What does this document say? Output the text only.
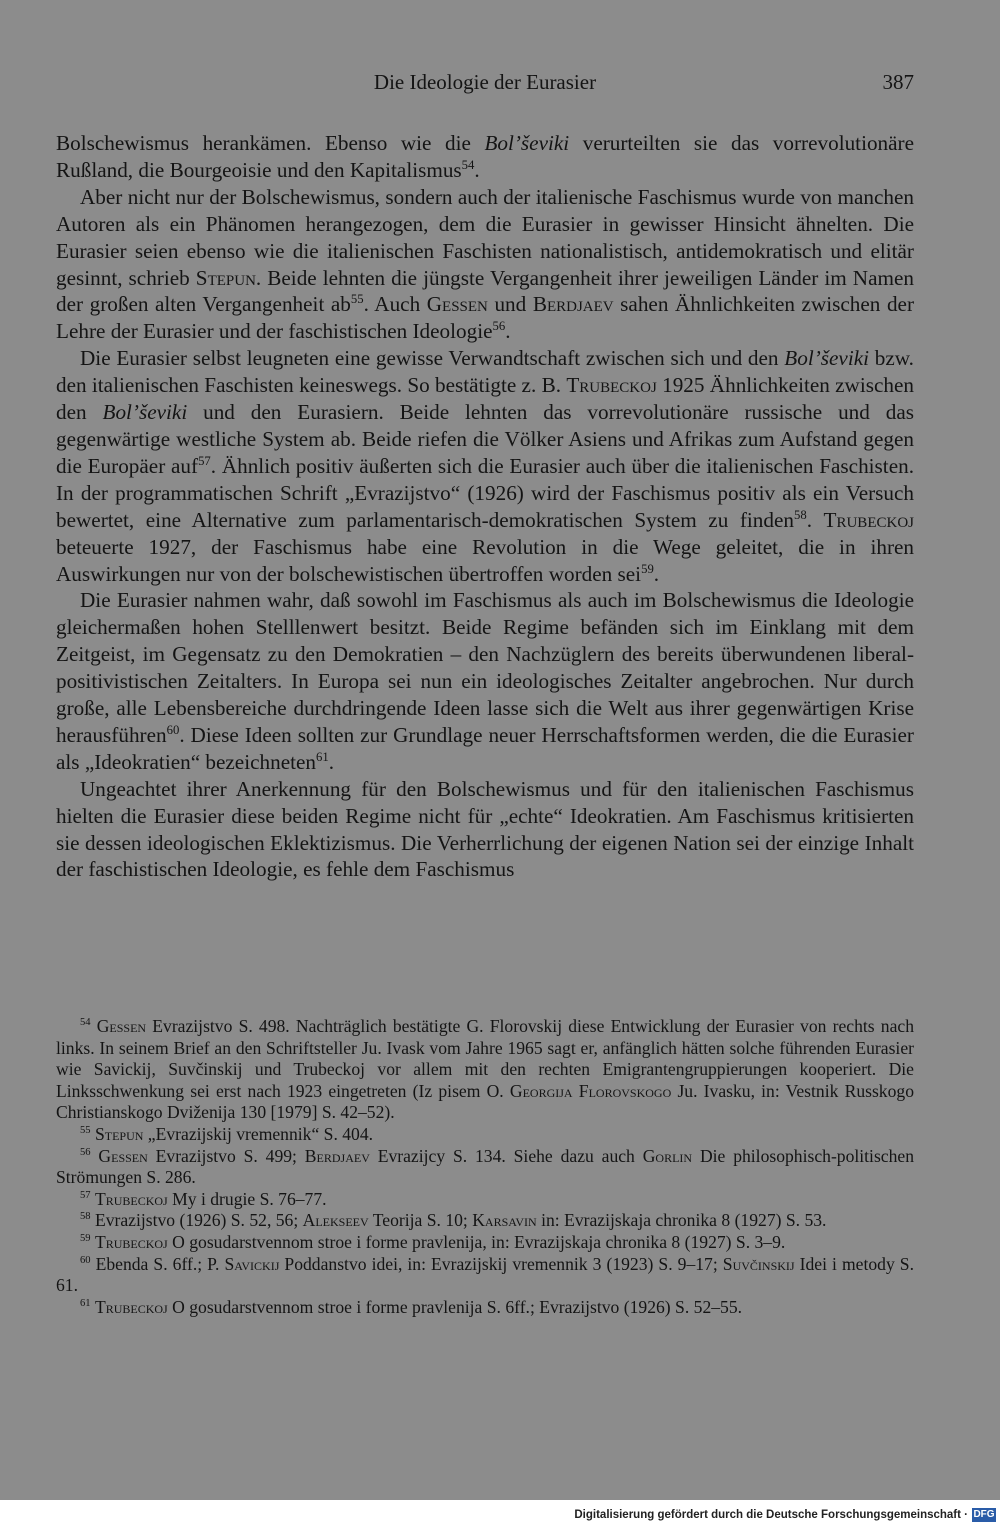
Die Ideologie der Eurasier	387

Bolschewismus herankämen. Ebenso wie die Bol’ševiki verurteilten sie das vorrevolutionäre Rußland, die Bourgeoisie und den Kapitalismus$^{54}$.

Aber nicht nur der Bolschewismus, sondern auch der italienische Faschismus wurde von manchen Autoren als ein Phänomen herangezogen, dem die Eurasier in gewisser Hinsicht ähnelten. Die Eurasier seien ebenso wie die italienischen Faschisten nationalistisch, antidemokratisch und elitär gesinnt, schrieb Stepun. Beide lehnten die jüngste Vergangenheit ihrer jeweiligen Länder im Namen der großen alten Vergangenheit $ab^{55}$. Auch Gessen und Berdjaev sahen Ähnlichkeiten zwischen der Lehre der Eurasier und der faschistischen Ideologie$^{56}$.

Die Eurasier selbst leugneten eine gewisse Verwandtschaft zwischen sich und den Bol’ševiki bzw. den italienischen Faschisten keineswegs. So bestätigte z. B. Trubeckoj 1925 Ähnlichkeiten zwischen den Bol’ševiki und den Eurasiern. Beide lehnten das vorrevolutionäre russische und das gegenwärtige westliche System ab. Beide riefen die Völker Asiens und Afrikas zum Aufstand gegen die Europäer auf$^{57}$. Ähnlich positiv äußerten sich die Eurasier auch über die italienischen Faschisten. In der programmatischen Schrift „Evrazijstvo“ (1926) wird der Faschismus positiv als ein Versuch bewertet, eine Alternative zum parlamentarisch-demokratischen System zu finden$^{58}$. Trubeckoj beteuerte 1927, der Faschismus habe eine Revolution in die Wege geleitet, die in ihren Auswirkungen nur von der bolschewistischen übertroffen worden sei$^{59}$.

Die Eurasier nahmen wahr, daß sowohl im Faschismus als auch im Bolschewismus die Ideologie gleichermaßen hohen Stelllenwert besitzt. Beide Regime befänden sich im Einklang mit dem Zeitgeist, im Gegensatz zu den Demokratien – den Nachzüglern des bereits überwundenen liberal-positivistischen Zeitalters. In Europa sei nun ein ideologisches Zeitalter angebrochen. Nur durch große, alle Lebensbereiche durchdringende Ideen lasse sich die Welt aus ihrer gegenwärtigen Krise herausführen$^{60}$. Diese Ideen sollten zur Grundlage neuer Herrschaftsformen werden, die die Eurasier als „Ideokratien“ bezeichneten$^{61}$.

Ungeachtet ihrer Anerkennung für den Bolschewismus und für den italienischen Faschismus hielten die Eurasier diese beiden Regime nicht für „echte“ Ideokratien. Am Faschismus kritisierten sie dessen ideologischen Eklektizismus. Die Verherrlichung der eigenen Nation sei der einzige Inhalt der faschistischen Ideologie, es fehle dem Faschismus

$^{54}$ Gessen Evrazijstvo S. 498. Nachträglich bestätigte G. Florovskij diese Entwicklung der Eurasier von rechts nach links. In seinem Brief an den Schriftsteller Ju. Ivask vom Jahre 1965 sagt er, anfänglich hätten solche führenden Eurasier wie Savickij, Suvčinskij und Trubeckoj vor allem mit den rechten Emigrantengruppierungen kooperiert. Die Linksschwenkung sei erst nach 1923 eingetreten (Iz pisem O. Georgija Florovskogo Ju. Ivasku, in: Vestnik Russkogo Christianskogo Dviženija 130 [1979] S. 42–52).

$^{55}$ Stepun „Evrazijskij vremennik“ S. 404.

$^{56}$ Gessen Evrazijstvo S. 499; Berdjaev Evrazijcy S. 134. Siehe dazu auch Gorlin Die philosophisch-politischen Strömungen S. 286.

$^{57}$ Trubeckoj My i drugie S. 76–77.

$^{58}$ Evrazijstvo (1926) S. 52, 56; Alekseev Teorija S. 10; Karsavin in: Evrazijskaja chronika 8 (1927) S. 53.

$^{59}$ Trubeckoj O gosudarstvennom stroe i forme pravlenija, in: Evrazijskaja chronika 8 (1927) S. 3–9.

$^{60}$ Ebenda S. 6ff.; P. Savickij Poddanstvo idei, in: Evrazijskij vremennik 3 (1923) S. 9–17; Suvčinskij Idei i metody S. 61.

$^{61}$ Trubeckoj O gosudarstvennom stroe i forme pravlenija S. 6ff.; Evrazijstvo (1926) S. 52–55.

Digitalisierung gefördert durch die Deutsche Forschungsgemeinschaft · DFG
